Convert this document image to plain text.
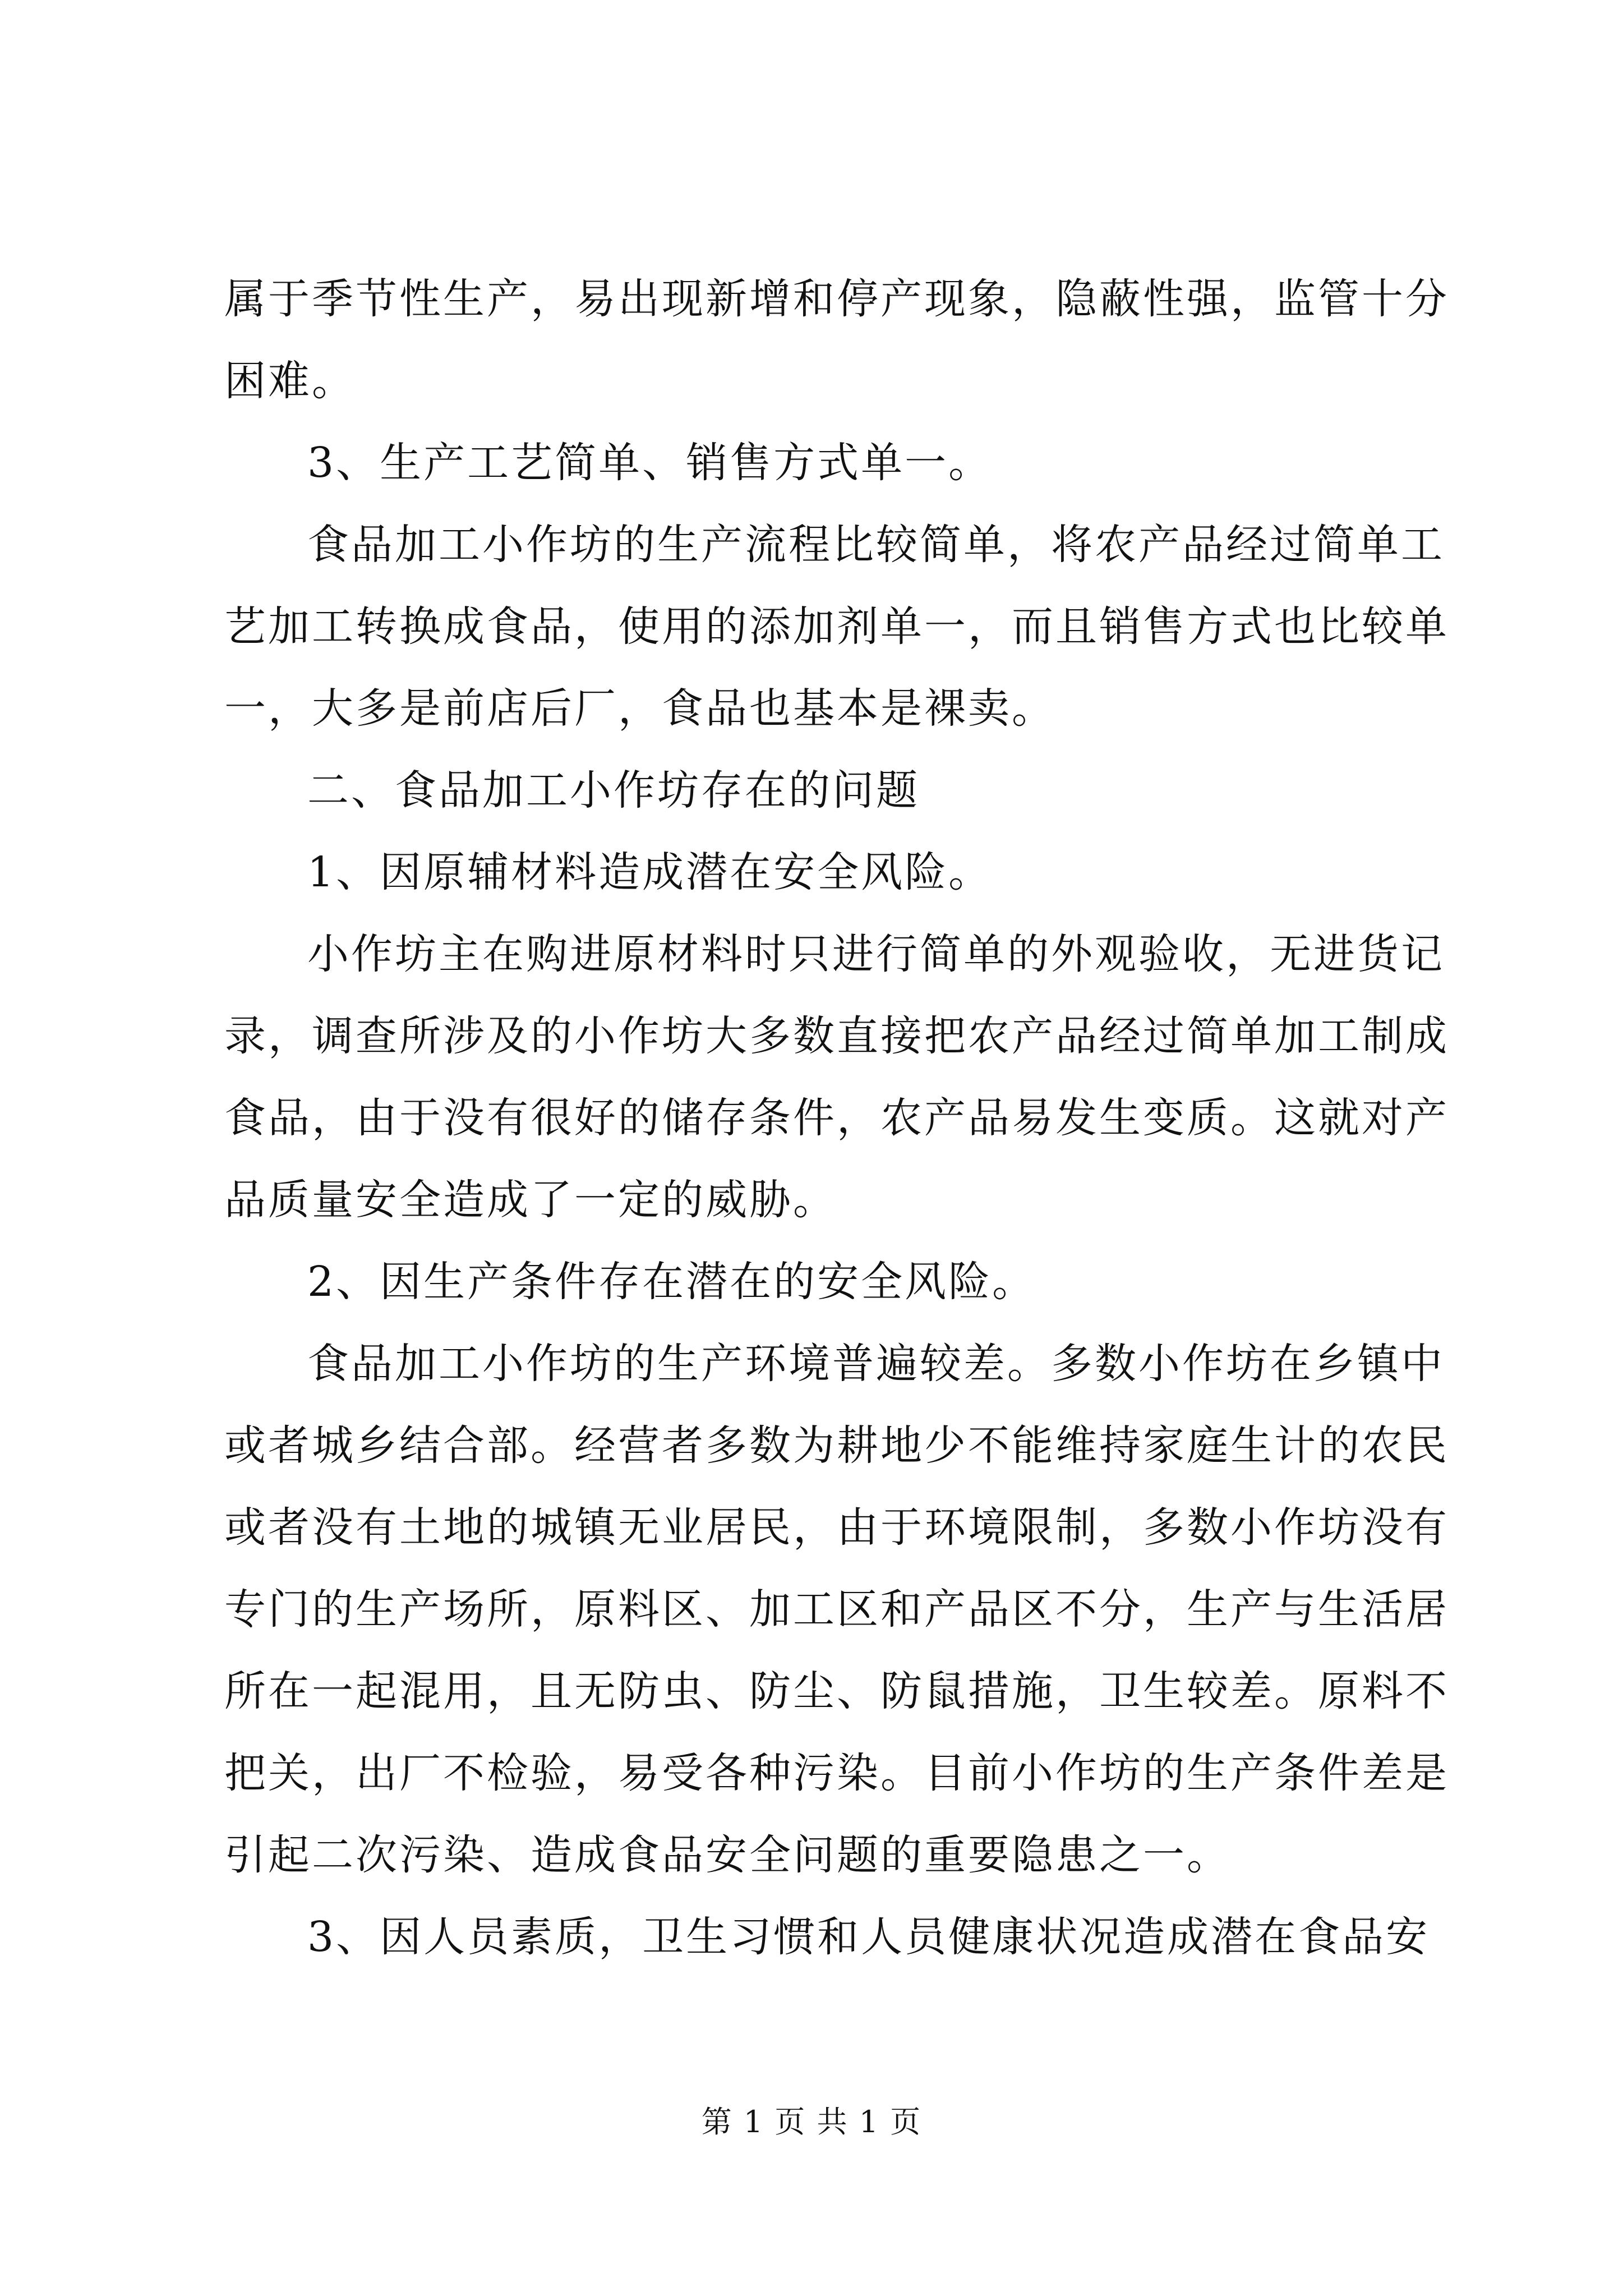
属于季节性生产，易出现新增和停产现象，隐蔽性强，监管十分
困难。
3、生产工艺简单、销售方式单一。
食品加工小作坊的生产流程比较简单，将农产品经过简单工
艺加工转换成食品，使用的添加剂单一，而且销售方式也比较单
一，大多是前店后厂，食品也基本是裸卖。
二、食品加工小作坊存在的问题
1、因原辅材料造成潜在安全风险。
小作坊主在购进原材料时只进行简单的外观验收，无进货记
录，调查所涉及的小作坊大多数直接把农产品经过简单加工制成
食品，由于没有很好的储存条件，农产品易发生变质。这就对产
品质量安全造成了一定的威胁。
2、因生产条件存在潜在的安全风险。
食品加工小作坊的生产环境普遍较差。多数小作坊在乡镇中
或者城乡结合部。经营者多数为耕地少不能维持家庭生计的农民
或者没有土地的城镇无业居民，由于环境限制，多数小作坊没有
专门的生产场所，原料区、加工区和产品区不分，生产与生活居
所在一起混用，且无防虫、防尘、防鼠措施，卫生较差。原料不
把关，出厂不检验，易受各种污染。目前小作坊的生产条件差是
引起二次污染、造成食品安全问题的重要隐患之一。
3、因人员素质，卫生习惯和人员健康状况造成潜在食品安
第 1 页 共 1 页
